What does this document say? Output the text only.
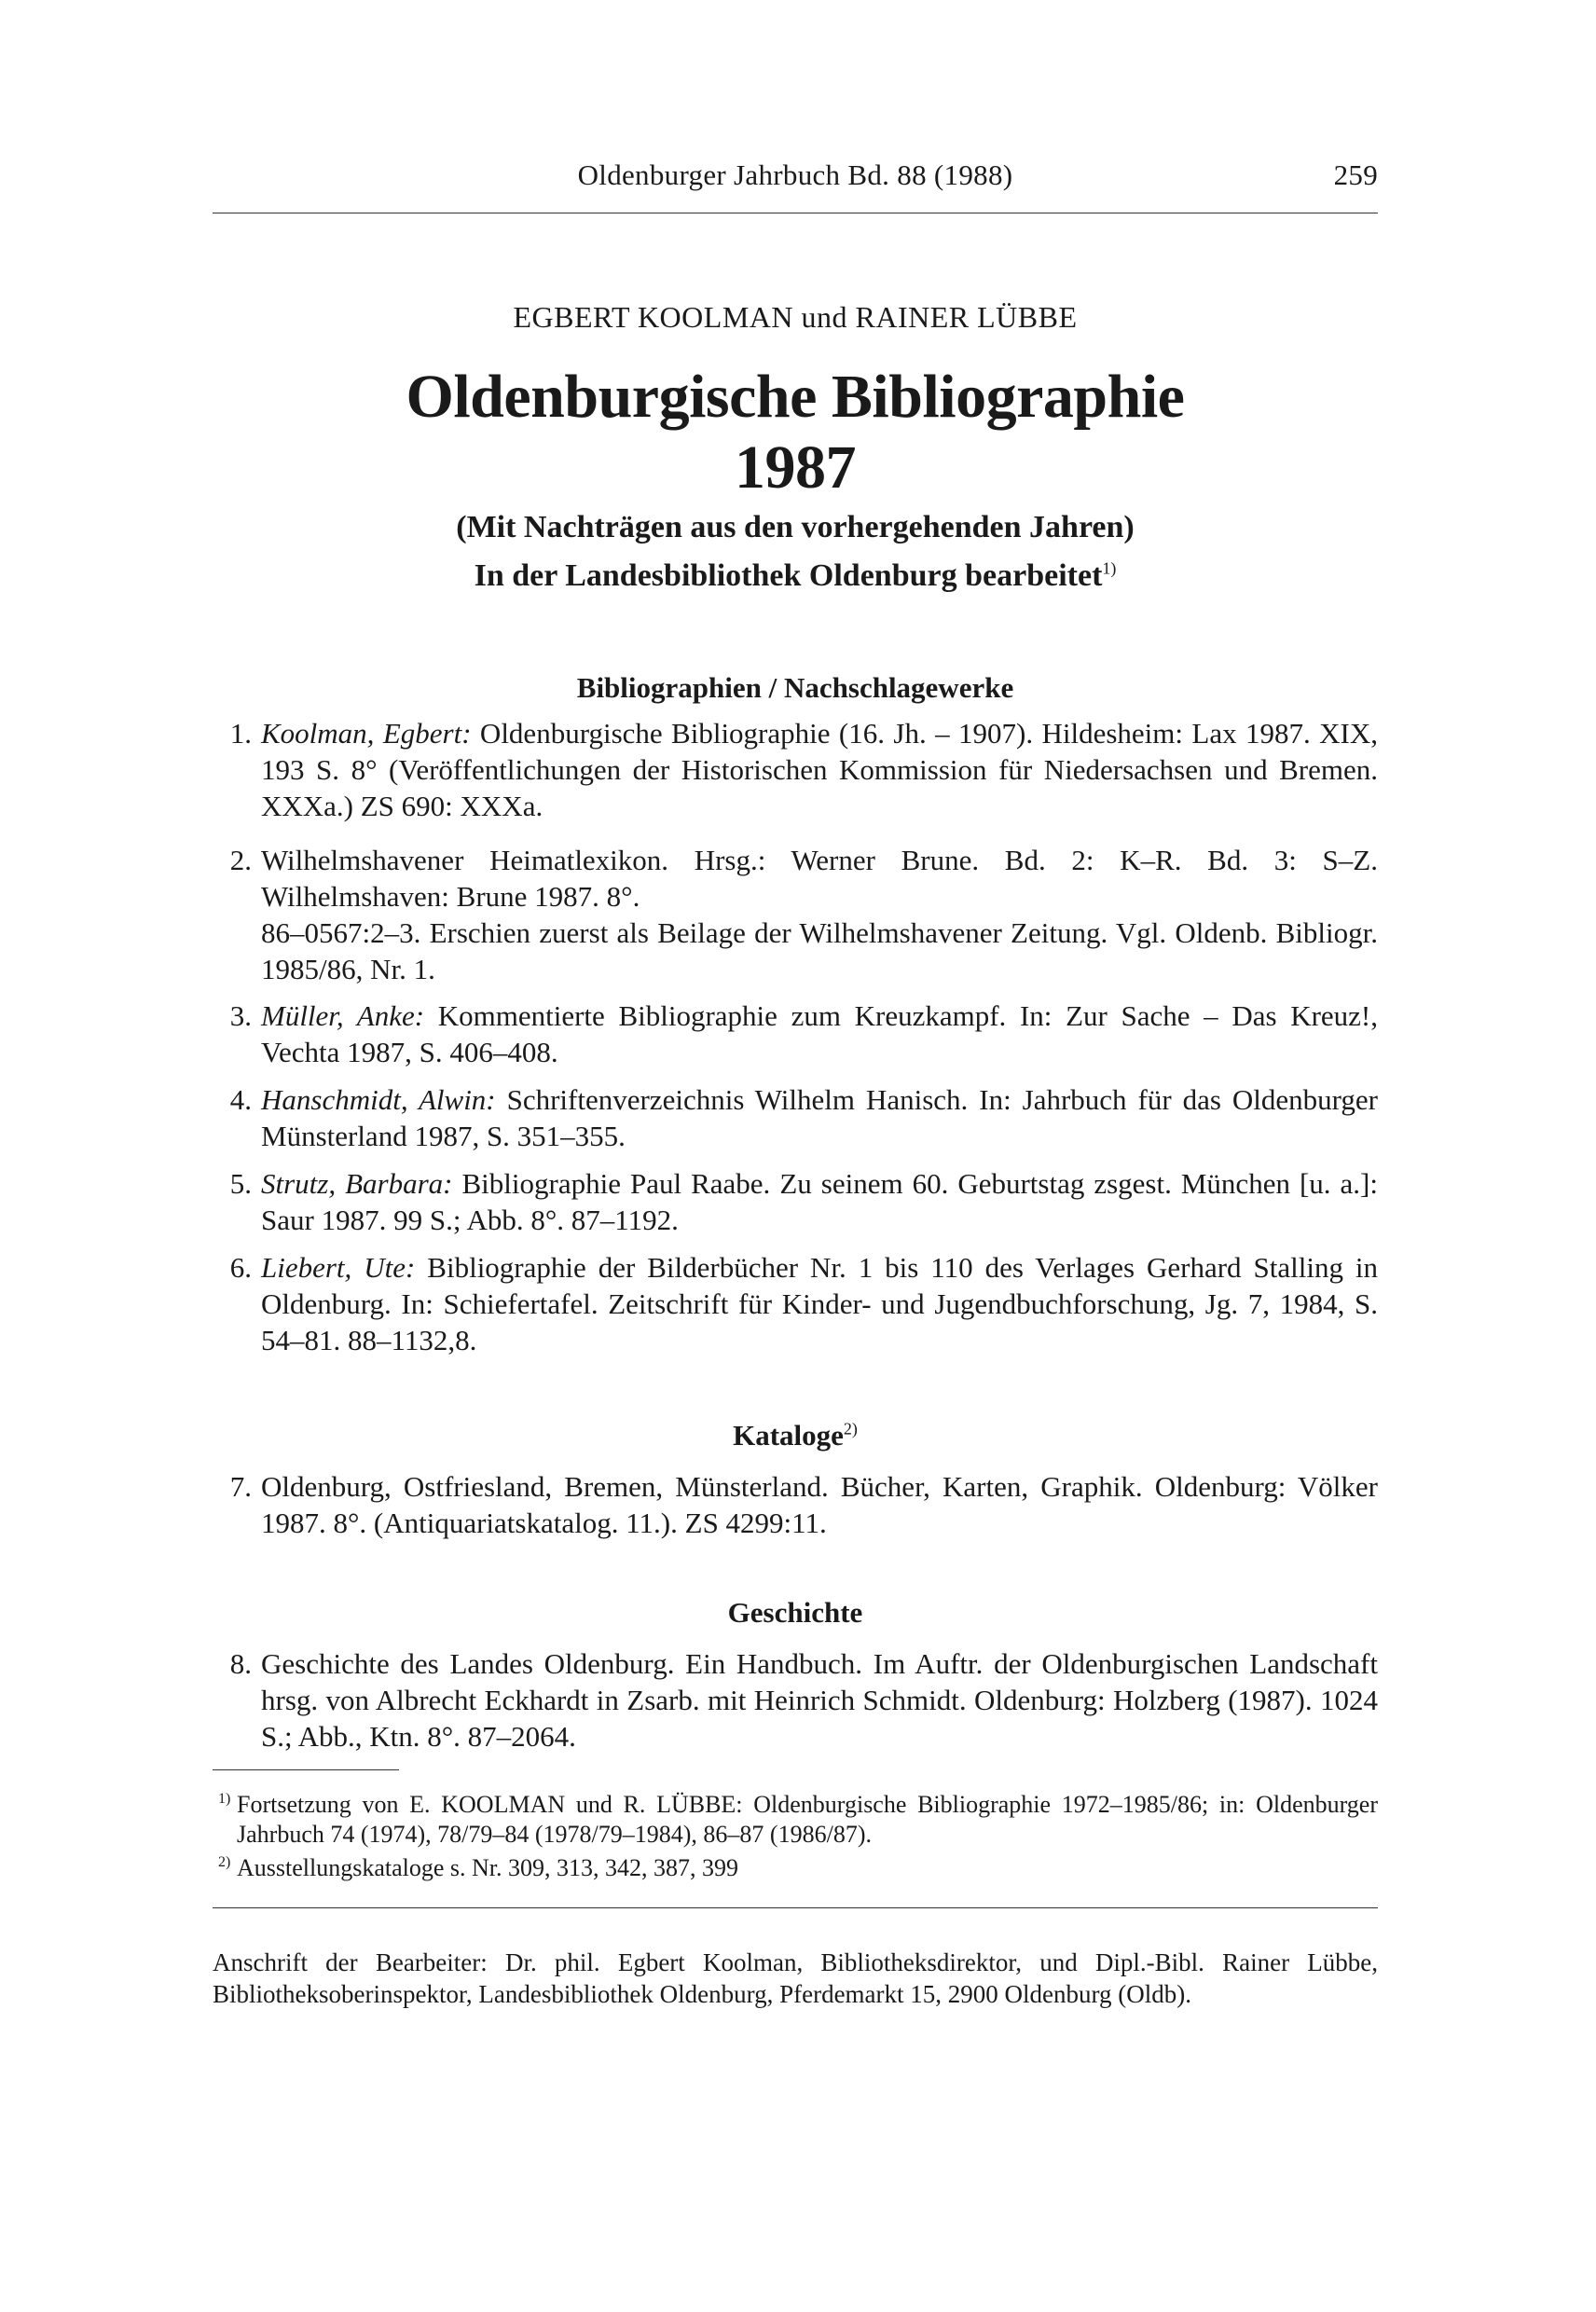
Oldenburger Jahrbuch Bd. 88 (1988)	259
EGBERT KOOLMAN und RAINER LÜBBE
Oldenburgische Bibliographie
1987
(Mit Nachträgen aus den vorhergehenden Jahren)
In der Landesbibliothek Oldenburg bearbeitet$^{1)}$
Bibliographien / Nachschlagewerke
1. Koolman, Egbert: Oldenburgische Bibliographie (16. Jh. – 1907). Hildesheim: Lax 1987. XIX, 193 S. 8° (Veröffentlichungen der Historischen Kommission für Niedersachsen und Bremen. XXXa.) ZS 690: XXXa.
2. Wilhelmshavener Heimatlexikon. Hrsg.: Werner Brune. Bd. 2: K–R. Bd. 3: S–Z. Wilhelmshaven: Brune 1987. 8°.

86–0567:2–3. Erschien zuerst als Beilage der Wilhelmshavener Zeitung. Vgl. Oldenb. Bibliogr. 1985/86, Nr. 1.

3. Müller, Anke: Kommentierte Bibliographie zum Kreuzkampf. In: Zur Sache – Das Kreuz!, Vechta 1987, S. 406–408.
4. Hanschmidt, Alwin: Schriftenverzeichnis Wilhelm Hanisch. In: Jahrbuch für das Oldenburger Münsterland 1987, S. 351–355.
5. Strutz, Barbara: Bibliographie Paul Raabe. Zu seinem 60. Geburtstag zsgest. München [u. a.]: Saur 1987. 99 S.; Abb. 8°. 87–1192.
6. Liebert, Ute: Bibliographie der Bilderbücher Nr. 1 bis 110 des Verlages Gerhard Stalling in Oldenburg. In: Schiefertafel. Zeitschrift für Kinder- und Jugendbuchforschung, Jg. 7, 1984, S. 54–81. 88–1132,8.
Kataloge$^{2)}$
7. Oldenburg, Ostfriesland, Bremen, Münsterland. Bücher, Karten, Graphik. Oldenburg: Völker 1987. 8°. (Antiquariatskatalog. 11.). ZS 4299:11.
Geschichte
8. Geschichte des Landes Oldenburg. Ein Handbuch. Im Auftr. der Oldenburgischen Landschaft hrsg. von Albrecht Eckhardt in Zsarb. mit Heinrich Schmidt. Oldenburg: Holzberg (1987). 1024 S.; Abb., Ktn. 8°. 87–2064.
1) Fortsetzung von E. KOOLMAN und R. LÜBBE: Oldenburgische Bibliographie 1972–1985/86; in: Oldenburger Jahrbuch 74 (1974), 78/79–84 (1978/79–1984), 86–87 (1986/87).
2) Ausstellungskataloge s. Nr. 309, 313, 342, 387, 399
Anschrift der Bearbeiter: Dr. phil. Egbert Koolman, Bibliotheksdirektor, und Dipl.-Bibl. Rainer Lübbe, Bibliotheksoberinspektor, Landesbibliothek Oldenburg, Pferdemarkt 15, 2900 Oldenburg (Oldb).
